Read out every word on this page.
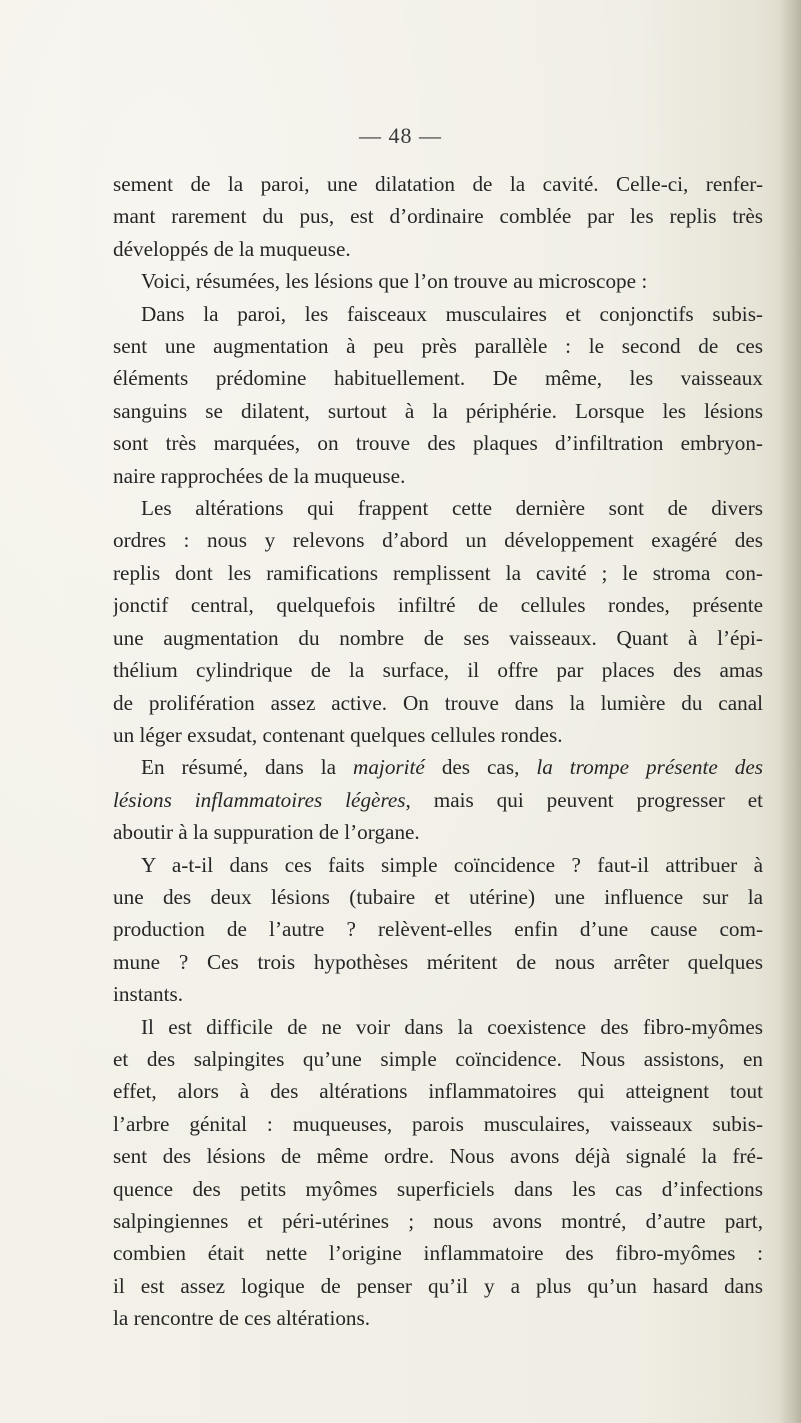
— 48 —
sement de la paroi, une dilatation de la cavité. Celle-ci, renfer-
mant rarement du pus, est d’ordinaire comblée par les replis très
développés de la muqueuse.
Voici, résumées, les lésions que l’on trouve au microscope :
Dans la paroi, les faisceaux musculaires et conjonctifs subis-
sent une augmentation à peu près parallèle : le second de ces
éléments prédomine habituellement. De même, les vaisseaux
sanguins se dilatent, surtout à la périphérie. Lorsque les lésions
sont très marquées, on trouve des plaques d’infiltration embryon-
naire rapprochées de la muqueuse.
Les altérations qui frappent cette dernière sont de divers
ordres : nous y relevons d’abord un développement exagéré des
replis dont les ramifications remplissent la cavité ; le stroma con-
jonctif central, quelquefois infiltré de cellules rondes, présente
une augmentation du nombre de ses vaisseaux. Quant à l’épi-
thélium cylindrique de la surface, il offre par places des amas
de prolifération assez active. On trouve dans la lumière du canal
un léger exsudat, contenant quelques cellules rondes.
En résumé, dans la majorité des cas, la trompe présente des
lésions inflammatoires légères, mais qui peuvent progresser et
aboutir à la suppuration de l’organe.
Y a-t-il dans ces faits simple coïncidence ? faut-il attribuer à
une des deux lésions (tubaire et utérine) une influence sur la
production de l’autre ? relèvent-elles enfin d’une cause com-
mune ? Ces trois hypothèses méritent de nous arrêter quelques
instants.
Il est difficile de ne voir dans la coexistence des fibro-myômes
et des salpingites qu’une simple coïncidence. Nous assistons, en
effet, alors à des altérations inflammatoires qui atteignent tout
l’arbre génital : muqueuses, parois musculaires, vaisseaux subis-
sent des lésions de même ordre. Nous avons déjà signalé la fré-
quence des petits myômes superficiels dans les cas d’infections
salpingiennes et péri-utérines ; nous avons montré, d’autre part,
combien était nette l’origine inflammatoire des fibro-myômes :
il est assez logique de penser qu’il y a plus qu’un hasard dans
la rencontre de ces altérations.
